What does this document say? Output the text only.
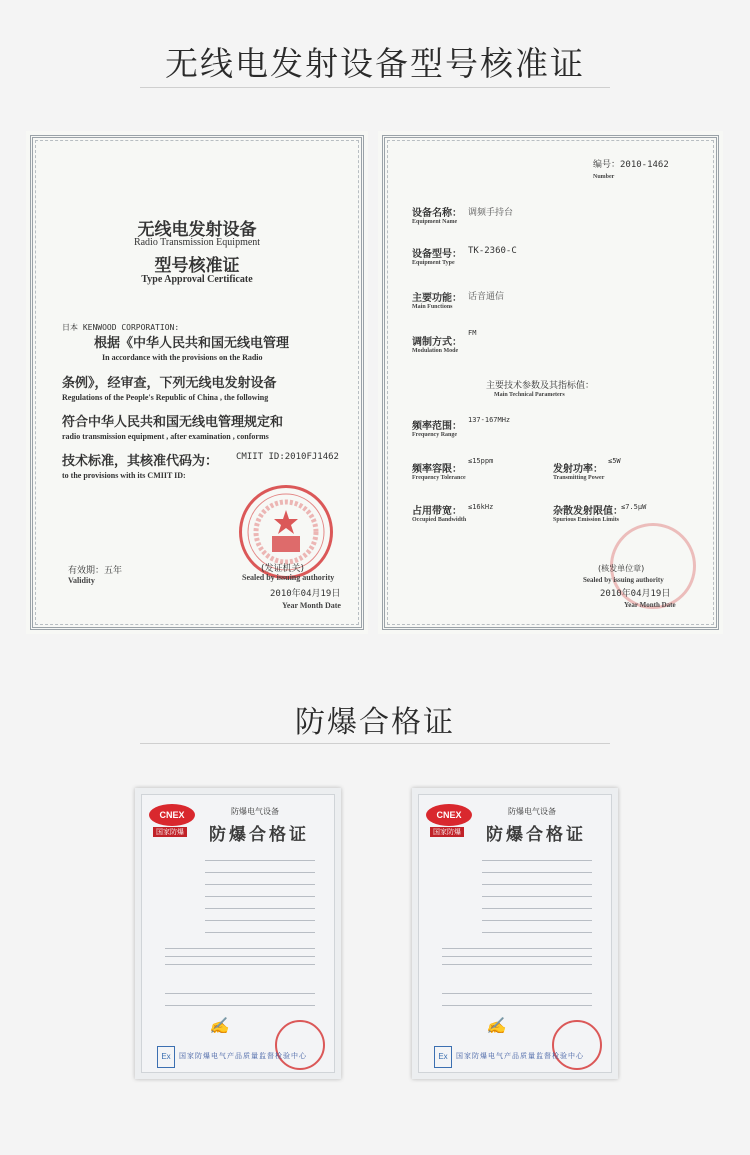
无线电发射设备型号核准证
无线电发射设备
Radio Transmission Equipment
型号核准证
Type Approval Certificate
日本 KENWOOD CORPORATION:
根据《中华人民共和国无线电管理
In accordance with the provisions on the Radio
条例》，经审查，下列无线电发射设备
Regulations of the People's Republic of China , the following
符合中华人民共和国无线电管理规定和
radio transmission equipment , after examination , conforms
技术标准，其核准代码为： CMIIT ID:2010FJ1462
to the provisions with its CMIIT ID:
(发证机关)
有效期：五年
Validity	Sealed by issuing authority
2010年04月19日
Year Month Date
编号：2010-1462
Number
设备名称： 调频手持台
Equipment Name
设备型号： TK-2360-C
Equipment Type
主要功能： 话音通信
Main Functions
调制方式：
FM
Modulation Mode
主要技术参数及其指标值：
Main Technical Parameters
频率范围：
137-167MHz
Frequency Range
频率容限：
≤15ppm
Frequency Tolerance
发射功率：
≤5W
Transmitting Power
占用带宽： ≤16kHz
Occupied Bandwidth
杂散发射限值：
≤7.5μW
Spurious Emission Limits
(核发单位章)
Sealed by issuing authority
2010年04月19日
Year Month Date
防爆合格证
CNEX
国家防爆
防爆电气设备
防爆合格证
✍
Ex	国家防爆电气产品质量监督检验中心
CNEX
国家防爆
防爆电气设备
防爆合格证
✍
Ex	国家防爆电气产品质量监督检验中心
